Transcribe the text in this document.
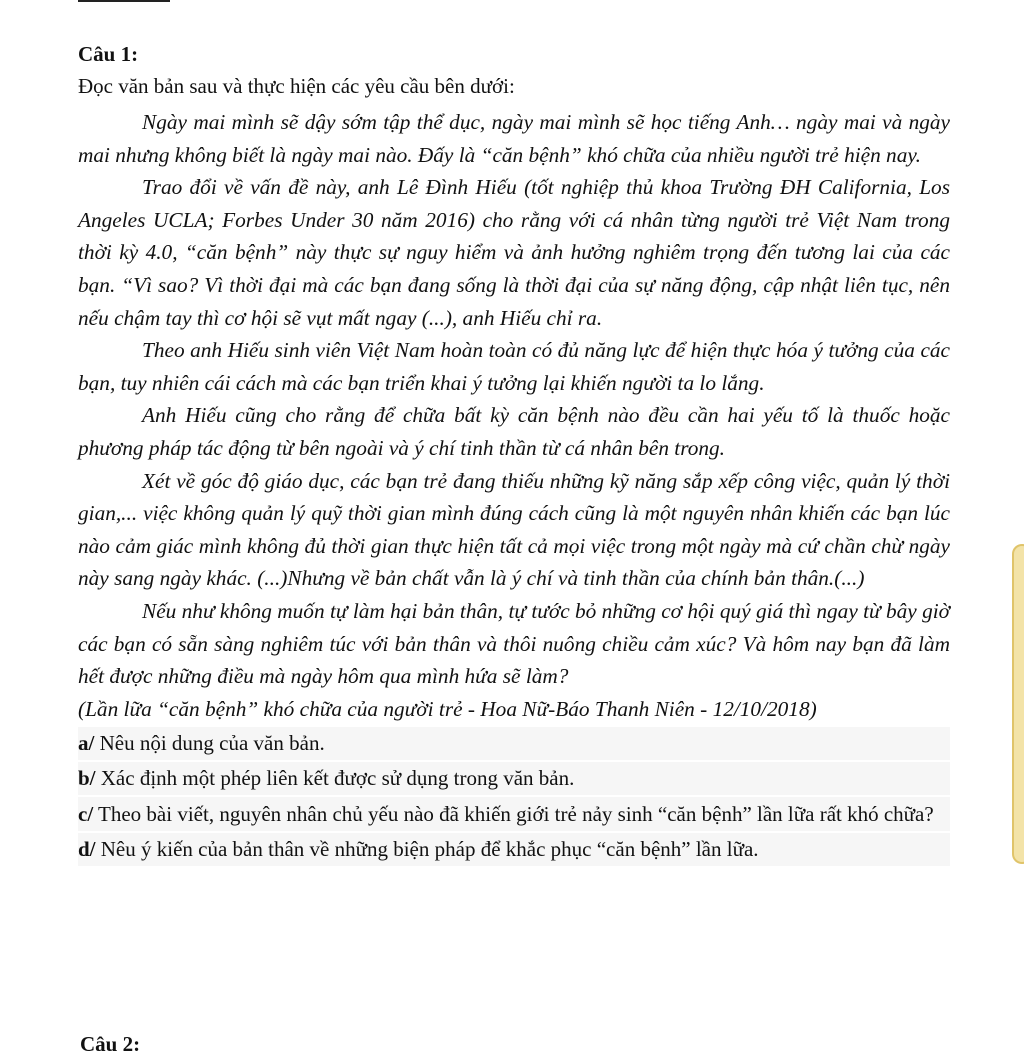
Câu 1:
Đọc văn bản sau và thực hiện các yêu cầu bên dưới:

Ngày mai mình sẽ dậy sớm tập thể dục, ngày mai mình sẽ học tiếng Anh… ngày mai và ngày mai nhưng không biết là ngày mai nào. Đấy là “căn bệnh” khó chữa của nhiều người trẻ hiện nay.

Trao đổi về vấn đề này, anh Lê Đình Hiếu (tốt nghiệp thủ khoa Trường ĐH California, Los Angeles UCLA; Forbes Under 30 năm 2016) cho rằng với cá nhân từng người trẻ Việt Nam trong thời kỳ 4.0, “căn bệnh” này thực sự nguy hiểm và ảnh hưởng nghiêm trọng đến tương lai của các bạn. “Vì sao? Vì thời đại mà các bạn đang sống là thời đại của sự năng động, cập nhật liên tục, nên nếu chậm tay thì cơ hội sẽ vụt mất ngay (...), anh Hiếu chỉ ra.

Theo anh Hiếu sinh viên Việt Nam hoàn toàn có đủ năng lực để hiện thực hóa ý tưởng của các bạn, tuy nhiên cái cách mà các bạn triển khai ý tưởng lại khiến người ta lo lắng.

Anh Hiếu cũng cho rằng để chữa bất kỳ căn bệnh nào đều cần hai yếu tố là thuốc hoặc phương pháp tác động từ bên ngoài và ý chí tinh thần từ cá nhân bên trong.

Xét về góc độ giáo dục, các bạn trẻ đang thiếu những kỹ năng sắp xếp công việc, quản lý thời gian,... việc không quản lý quỹ thời gian mình đúng cách cũng là một nguyên nhân khiến các bạn lúc nào cảm giác mình không đủ thời gian thực hiện tất cả mọi việc trong một ngày mà cứ chần chừ ngày này sang ngày khác. (...)Nhưng về bản chất vẫn là ý chí và tinh thần của chính bản thân.(...)

Nếu như không muốn tự làm hại bản thân, tự tước bỏ những cơ hội quý giá thì ngay từ bây giờ các bạn có sẵn sàng nghiêm túc với bản thân và thôi nuông chiều cảm xúc? Và hôm nay bạn đã làm hết được những điều mà ngày hôm qua mình hứa sẽ làm?

(Lần lữa “căn bệnh” khó chữa của người trẻ - Hoa Nữ-Báo Thanh Niên - 12/10/2018)
a/ Nêu nội dung của văn bản.
b/ Xác định một phép liên kết được sử dụng trong văn bản.
c/ Theo bài viết, nguyên nhân chủ yếu nào đã khiến giới trẻ nảy sinh “căn bệnh” lần lữa rất khó chữa?
d/ Nêu ý kiến của bản thân về những biện pháp để khắc phục “căn bệnh” lần lữa.
Câu 2:
